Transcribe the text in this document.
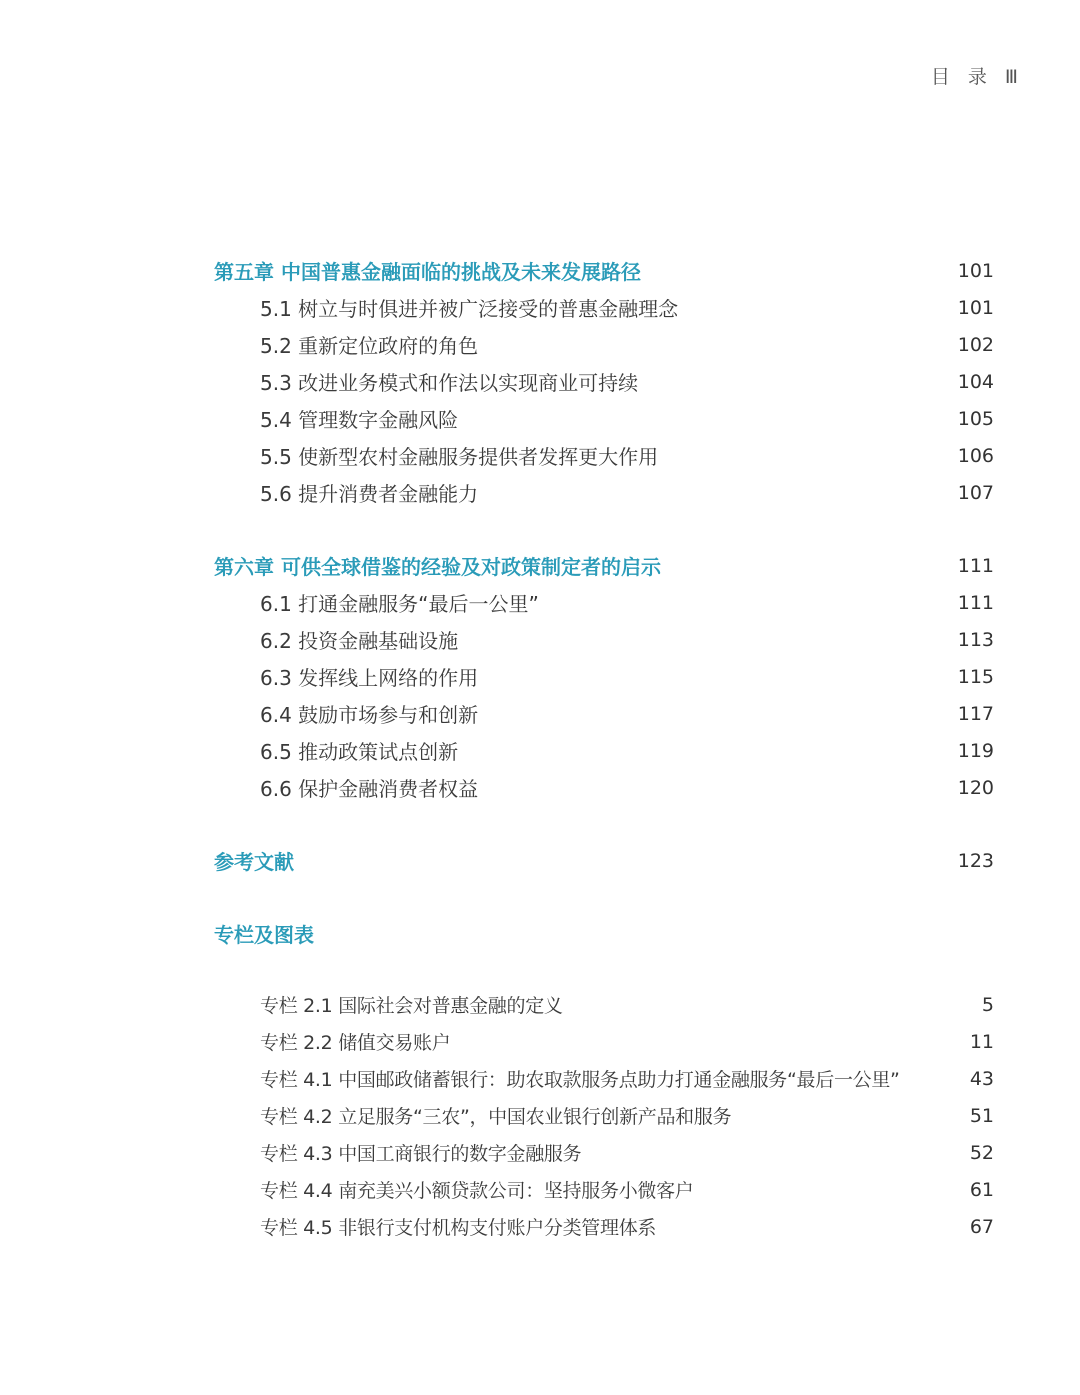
目 录 Ⅲ
第五章 中国普惠金融面临的挑战及未来发展路径	101
5.1 树立与时俱进并被广泛接受的普惠金融理念	101
5.2 重新定位政府的角色	102
5.3 改进业务模式和作法以实现商业可持续	104
5.4 管理数字金融风险	105
5.5 使新型农村金融服务提供者发挥更大作用	106
5.6 提升消费者金融能力	107
第六章 可供全球借鉴的经验及对政策制定者的启示	111
6.1 打通金融服务“最后一公里”	111
6.2 投资金融基础设施	113
6.3 发挥线上网络的作用	115
6.4 鼓励市场参与和创新	117
6.5 推动政策试点创新	119
6.6 保护金融消费者权益	120
参考文献	123
专栏及图表
专栏 2.1 国际社会对普惠金融的定义	5
专栏 2.2 储值交易账户	11
专栏 4.1 中国邮政储蓄银行：助农取款服务点助力打通金融服务“最后一公里”	43
专栏 4.2 立足服务“三农”，中国农业银行创新产品和服务	51
专栏 4.3 中国工商银行的数字金融服务	52
专栏 4.4 南充美兴小额贷款公司：坚持服务小微客户	61
专栏 4.5 非银行支付机构支付账户分类管理体系	67
